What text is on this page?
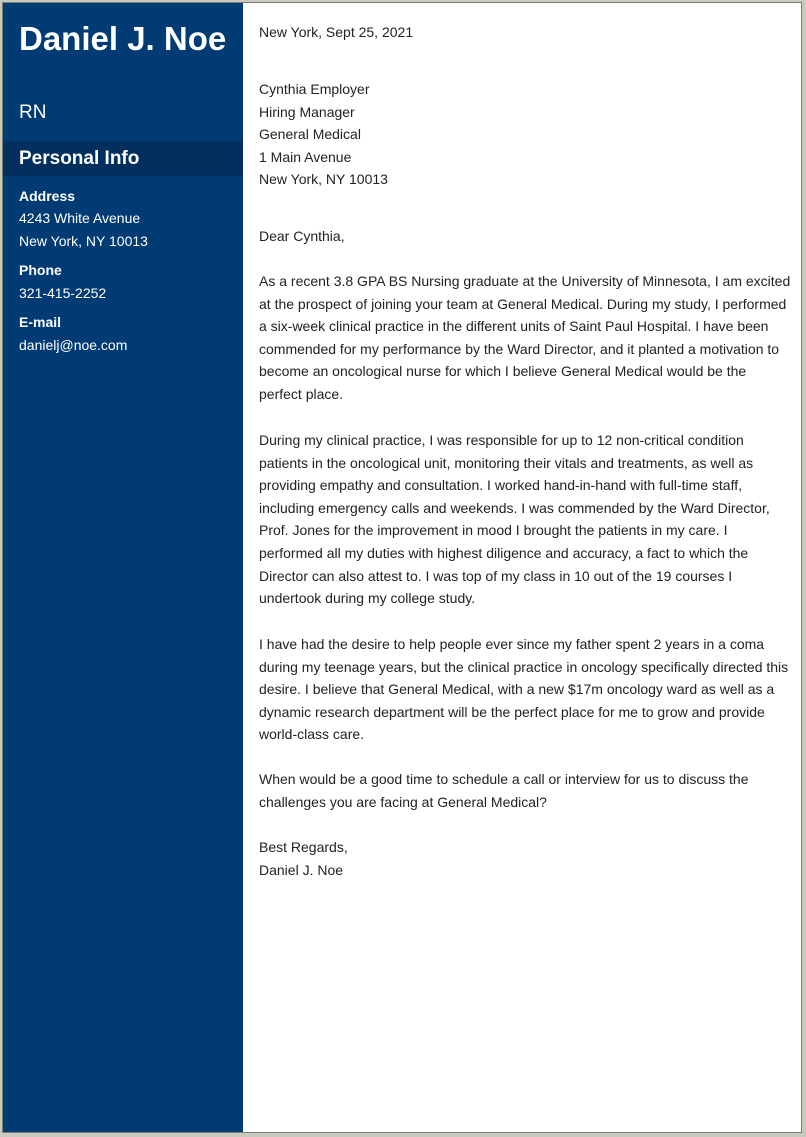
Daniel J. Noe
RN
Personal Info
Address
4243 White Avenue
New York, NY 10013
Phone
321-415-2252
E-mail
danielj@noe.com
New York, Sept 25, 2021
Cynthia Employer
Hiring Manager
General Medical
1 Main Avenue
New York, NY 10013
Dear Cynthia,

As a recent 3.8 GPA BS Nursing graduate at the University of Minnesota, I am excited at the prospect of joining your team at General Medical. During my study, I performed a six-week clinical practice in the different units of Saint Paul Hospital. I have been commended for my performance by the Ward Director, and it planted a motivation to become an oncological nurse for which I believe General Medical would be the perfect place.

During my clinical practice, I was responsible for up to 12 non-critical condition patients in the oncological unit, monitoring their vitals and treatments, as well as providing empathy and consultation. I worked hand-in-hand with full-time staff, including emergency calls and weekends. I was commended by the Ward Director, Prof. Jones for the improvement in mood I brought the patients in my care. I performed all my duties with highest diligence and accuracy, a fact to which the Director can also attest to. I was top of my class in 10 out of the 19 courses I undertook during my college study.

I have had the desire to help people ever since my father spent 2 years in a coma during my teenage years, but the clinical practice in oncology specifically directed this desire. I believe that General Medical, with a new $17m oncology ward as well as a dynamic research department will be the perfect place for me to grow and provide world-class care.

When would be a good time to schedule a call or interview for us to discuss the challenges you are facing at General Medical?

Best Regards,
Daniel J. Noe
